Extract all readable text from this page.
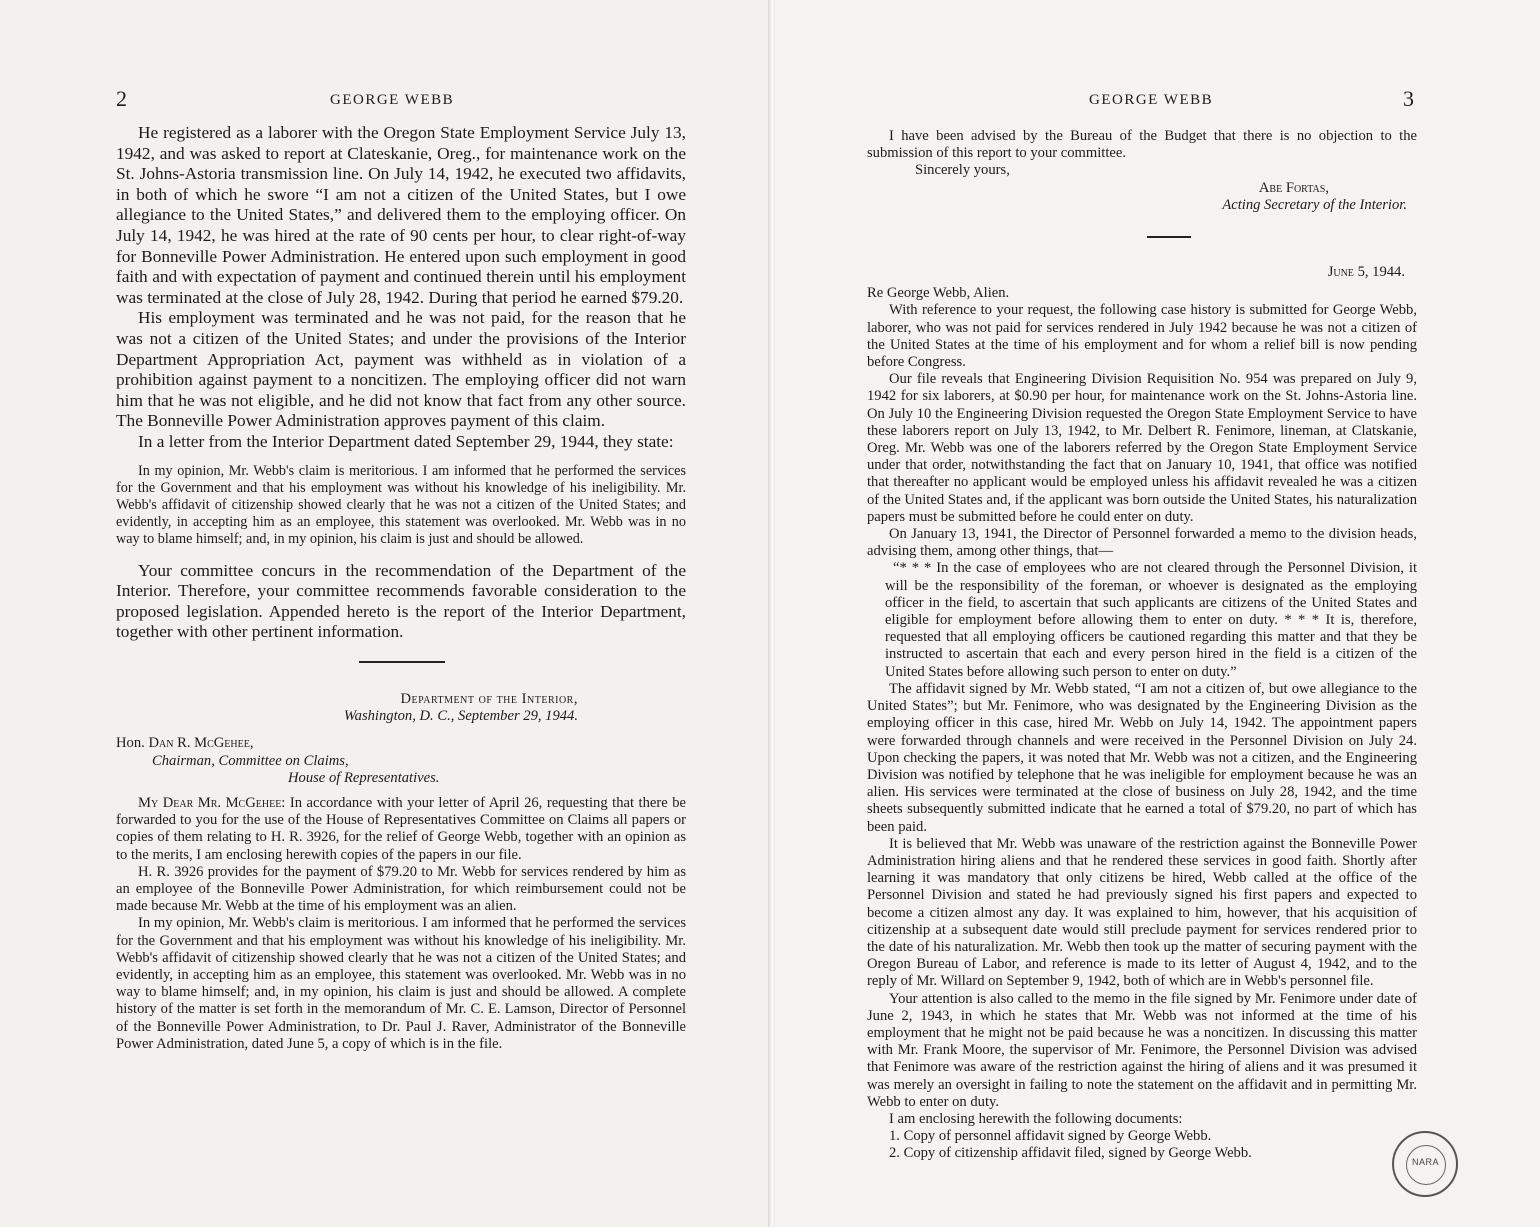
2	GEORGE WEBB

He registered as a laborer with the Oregon State Employment Service July 13, 1942, and was asked to report at Clateskanie, Oreg., for maintenance work on the St. Johns-Astoria transmission line. On July 14, 1942, he executed two affidavits, in both of which he swore “I am not a citizen of the United States, but I owe allegiance to the United States,” and delivered them to the employing officer. On July 14, 1942, he was hired at the rate of 90 cents per hour, to clear right-of-way for Bonneville Power Administration. He entered upon such employment in good faith and with expectation of payment and continued therein until his employment was terminated at the close of July 28, 1942. During that period he earned $79.20.

His employment was terminated and he was not paid, for the reason that he was not a citizen of the United States; and under the provisions of the Interior Department Appropriation Act, payment was withheld as in violation of a prohibition against payment to a noncitizen. The employing officer did not warn him that he was not eligible, and he did not know that fact from any other source. The Bonneville Power Administration approves payment of this claim.

In a letter from the Interior Department dated September 29, 1944, they state:

In my opinion, Mr. Webb's claim is meritorious. I am informed that he performed the services for the Government and that his employment was without his knowledge of his ineligibility. Mr. Webb's affidavit of citizenship showed clearly that he was not a citizen of the United States; and evidently, in accepting him as an employee, this statement was overlooked. Mr. Webb was in no way to blame himself; and, in my opinion, his claim is just and should be allowed.

Your committee concurs in the recommendation of the Department of the Interior. Therefore, your committee recommends favorable consideration to the proposed legislation. Appended hereto is the report of the Interior Department, together with other pertinent information.

Department of the Interior,

Washington, D. C., September 29, 1944.

Hon. Dan R. McGehee,

Chairman, Committee on Claims,

House of Representatives.

My Dear Mr. McGehee: In accordance with your letter of April 26, requesting that there be forwarded to you for the use of the House of Representatives Committee on Claims all papers or copies of them relating to H. R. 3926, for the relief of George Webb, together with an opinion as to the merits, I am enclosing herewith copies of the papers in our file.

H. R. 3926 provides for the payment of $79.20 to Mr. Webb for services rendered by him as an employee of the Bonneville Power Administration, for which reimbursement could not be made because Mr. Webb at the time of his employment was an alien.

In my opinion, Mr. Webb's claim is meritorious. I am informed that he performed the services for the Government and that his employment was without his knowledge of his ineligibility. Mr. Webb's affidavit of citizenship showed clearly that he was not a citizen of the United States; and evidently, in accepting him as an employee, this statement was overlooked. Mr. Webb was in no way to blame himself; and, in my opinion, his claim is just and should be allowed. A complete history of the matter is set forth in the memorandum of Mr. C. E. Lamson, Director of Personnel of the Bonneville Power Administration, to Dr. Paul J. Raver, Administrator of the Bonneville Power Administration, dated June 5, a copy of which is in the file.

GEORGE WEBB	3

I have been advised by the Bureau of the Budget that there is no objection to the submission of this report to your committee.

Sincerely yours,

Abe Fortas,

Acting Secretary of the Interior.

June 5, 1944.

Re George Webb, Alien.

With reference to your request, the following case history is submitted for George Webb, laborer, who was not paid for services rendered in July 1942 because he was not a citizen of the United States at the time of his employment and for whom a relief bill is now pending before Congress.

Our file reveals that Engineering Division Requisition No. 954 was prepared on July 9, 1942 for six laborers, at $0.90 per hour, for maintenance work on the St. Johns-Astoria line. On July 10 the Engineering Division requested the Oregon State Employment Service to have these laborers report on July 13, 1942, to Mr. Delbert R. Fenimore, lineman, at Clatskanie, Oreg. Mr. Webb was one of the laborers referred by the Oregon State Employment Service under that order, notwithstanding the fact that on January 10, 1941, that office was notified that thereafter no applicant would be employed unless his affidavit revealed he was a citizen of the United States and, if the applicant was born outside the United States, his naturalization papers must be submitted before he could enter on duty.

On January 13, 1941, the Director of Personnel forwarded a memo to the division heads, advising them, among other things, that—

“* * * In the case of employees who are not cleared through the Personnel Division, it will be the responsibility of the foreman, or whoever is designated as the employing officer in the field, to ascertain that such applicants are citizens of the United States and eligible for employment before allowing them to enter on duty. * * * It is, therefore, requested that all employing officers be cautioned regarding this matter and that they be instructed to ascertain that each and every person hired in the field is a citizen of the United States before allowing such person to enter on duty.”

The affidavit signed by Mr. Webb stated, “I am not a citizen of, but owe allegiance to the United States”; but Mr. Fenimore, who was designated by the Engineering Division as the employing officer in this case, hired Mr. Webb on July 14, 1942. The appointment papers were forwarded through channels and were received in the Personnel Division on July 24. Upon checking the papers, it was noted that Mr. Webb was not a citizen, and the Engineering Division was notified by telephone that he was ineligible for employment because he was an alien. His services were terminated at the close of business on July 28, 1942, and the time sheets subsequently submitted indicate that he earned a total of $79.20, no part of which has been paid.

It is believed that Mr. Webb was unaware of the restriction against the Bonneville Power Administration hiring aliens and that he rendered these services in good faith. Shortly after learning it was mandatory that only citizens be hired, Webb called at the office of the Personnel Division and stated he had previously signed his first papers and expected to become a citizen almost any day. It was explained to him, however, that his acquisition of citizenship at a subsequent date would still preclude payment for services rendered prior to the date of his naturalization. Mr. Webb then took up the matter of securing payment with the Oregon Bureau of Labor, and reference is made to its letter of August 4, 1942, and to the reply of Mr. Willard on September 9, 1942, both of which are in Webb's personnel file.

Your attention is also called to the memo in the file signed by Mr. Fenimore under date of June 2, 1943, in which he states that Mr. Webb was not informed at the time of his employment that he might not be paid because he was a noncitizen. In discussing this matter with Mr. Frank Moore, the supervisor of Mr. Fenimore, the Personnel Division was advised that Fenimore was aware of the restriction against the hiring of aliens and it was presumed it was merely an oversight in failing to note the statement on the affidavit and in permitting Mr. Webb to enter on duty.

I am enclosing herewith the following documents:

1. Copy of personnel affidavit signed by George Webb.

2. Copy of citizenship affidavit filed, signed by George Webb.

NARA
